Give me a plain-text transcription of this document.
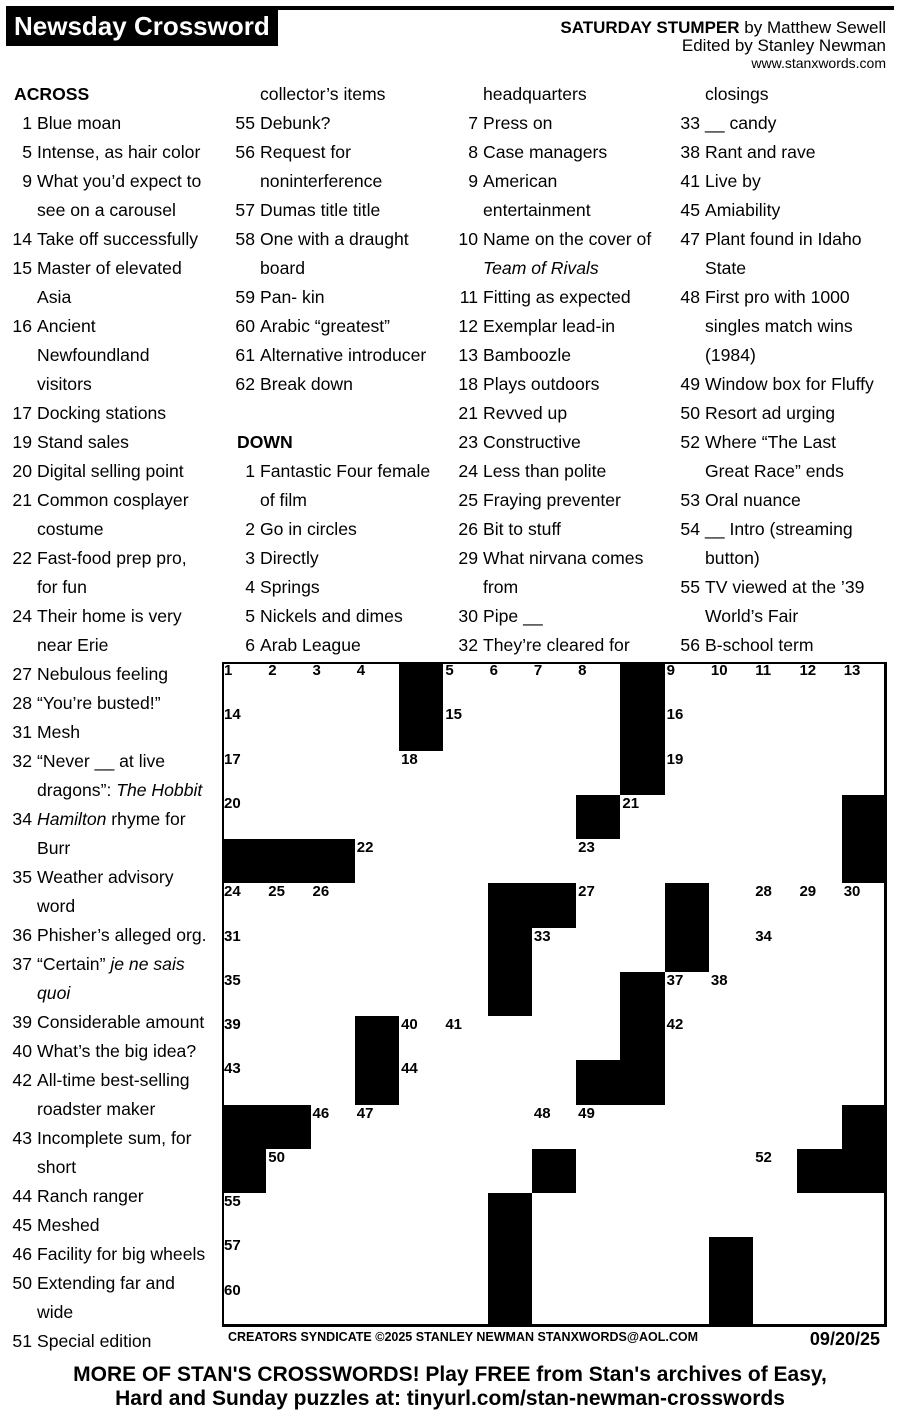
Newsday Crossword	SATURDAY STUMPER by Matthew Sewell
Edited by Stanley Newman
www.stanxwords.com
ACROSS
1 Blue moan
5 Intense, as hair color
9 What you’d expect to
see on a carousel
14 Take off successfully
15 Master of elevated
Asia
16 Ancient
Newfoundland
visitors
17 Docking stations
19 Stand sales
20 Digital selling point
21 Common cosplayer
costume
22 Fast-food prep pro,
for fun
24 Their home is very
near Erie
27 Nebulous feeling
28 “You’re busted!”
31 Mesh
32 “Never __ at live
dragons”: The Hobbit
34 Hamilton rhyme for
Burr
35 Weather advisory
word
36 Phisher’s alleged org.
37 “Certain” je ne sais
quoi
39 Considerable amount
40 What’s the big idea?
42 All-time best-selling
roadster maker
43 Incomplete sum, for
short
44 Ranch ranger
45 Meshed
46 Facility for big wheels
50 Extending far and
wide
51 Special edition
collector’s items
55 Debunk?
56 Request for
noninterference
57 Dumas title title
58 One with a draught
board
59 Pan- kin
60 Arabic “greatest”
61 Alternative introducer
62 Break down
DOWN
1 Fantastic Four female
of film
2 Go in circles
3 Directly
4 Springs
5 Nickels and dimes
6 Arab League
headquarters
7 Press on
8 Case managers
9 American
entertainment
10 Name on the cover of
Team of Rivals
11 Fitting as expected
12 Exemplar lead-in
13 Bamboozle
18 Plays outdoors
21 Revved up
23 Constructive
24 Less than polite
25 Fraying preventer
26 Bit to stuff
29 What nirvana comes
from
30 Pipe __
32 They’re cleared for
closings
33 __ candy
38 Rant and rave
41 Live by
45 Amiability
47 Plant found in Idaho
State
48 First pro with 1000
singles match wins
(1984)
49 Window box for Fluffy
50 Resort ad urging
52 Where “The Last
Great Race” ends
53 Oral nuance
54 __ Intro (streaming
button)
55 TV viewed at the ’39
World’s Fair
56 B-school term
1 2 3 4	5 6 7 8	9 10 11 12 13
14	15	16
17	18	19
20	21
22	23
24 25 26	27	28 29 30
31	32 33	34
35	36	37 38
39	40 41	42
43	44	45
46 47	48 49
50	51	52 53 54
55	56
57	58	59
60	61	62
CREATORS SYNDICATE ©2025 STANLEY NEWMAN STANXWORDS@AOL.COM	09/20/25
MORE OF STAN'S CROSSWORDS! Play FREE from Stan's archives of Easy,
Hard and Sunday puzzles at: tinyurl.com/stan-newman-crosswords
